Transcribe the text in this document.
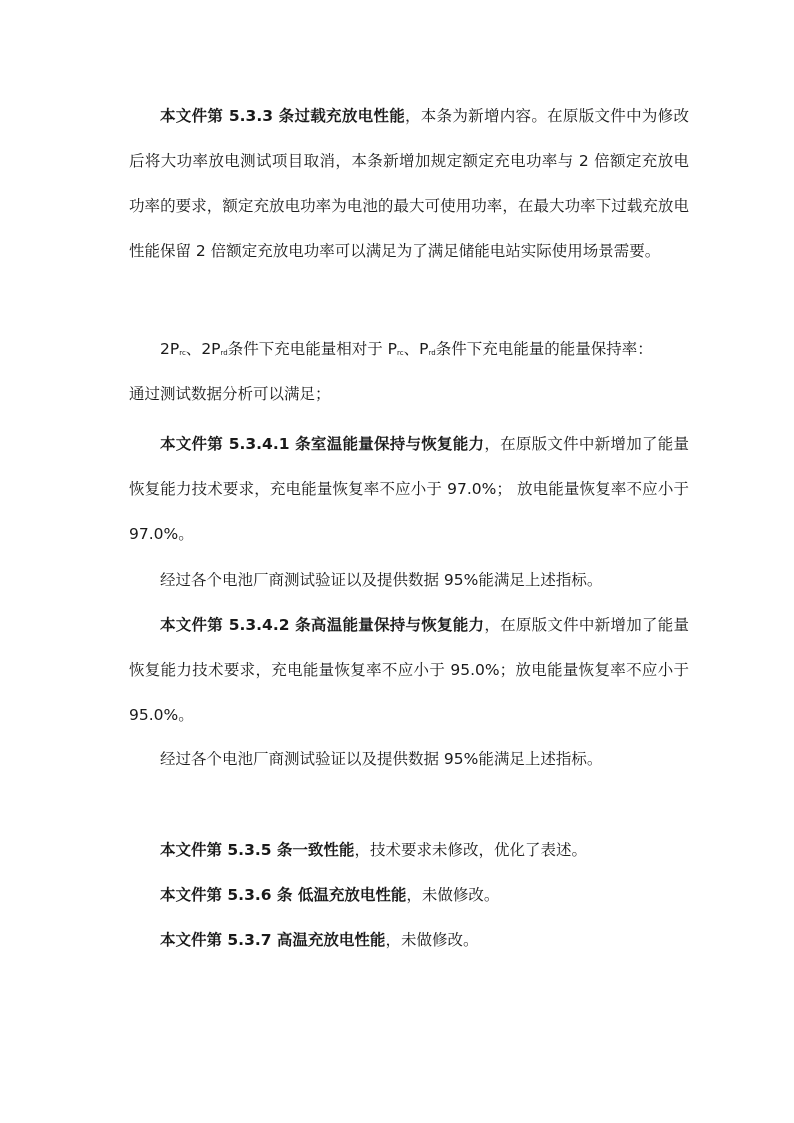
本文件第 5.3.3 条过载充放电性能，本条为新增内容。在原版文件中为修改后将大功率放电测试项目取消，本条新增加规定额定充电功率与 2 倍额定充放电功率的要求，额定充放电功率为电池的最大可使用功率，在最大功率下过载充放电性能保留 2 倍额定充放电功率可以满足为了满足储能电站实际使用场景需要。

$2P_{rc}$、$2P_{rd}$条件下充电能量相对于 $P_{rc}$、$P_{rd}$条件下充电能量的能量保持率：

通过测试数据分析可以满足；

本文件第 5.3.4.1 条室温能量保持与恢复能力，在原版文件中新增加了能量恢复能力技术要求，充电能量恢复率不应小于 97.0%； 放电能量恢复率不应小于 97.0%。

经过各个电池厂商测试验证以及提供数据 95%能满足上述指标。

本文件第 5.3.4.2 条高温能量保持与恢复能力，在原版文件中新增加了能量恢复能力技术要求，充电能量恢复率不应小于 95.0%；放电能量恢复率不应小于 95.0%。

经过各个电池厂商测试验证以及提供数据 95%能满足上述指标。

本文件第 5.3.5 条一致性能，技术要求未修改，优化了表述。

本文件第 5.3.6 条 低温充放电性能，未做修改。

本文件第 5.3.7 高温充放电性能，未做修改。
